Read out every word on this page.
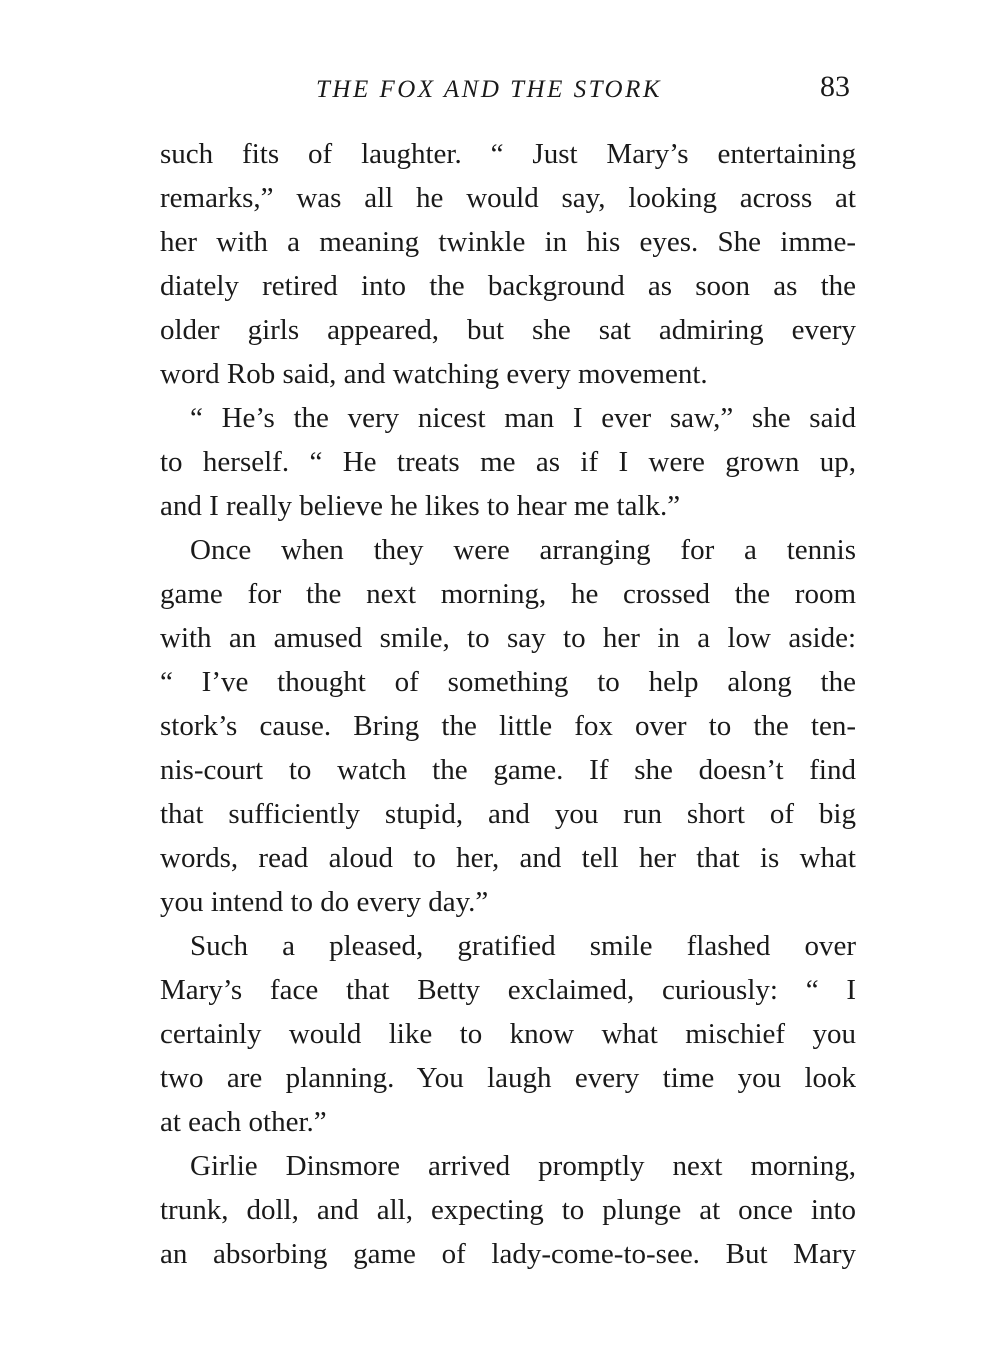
THE FOX AND THE STORK	83
such fits of laughter. “ Just Mary’s entertaining
remarks,” was all he would say, looking across at
her with a meaning twinkle in his eyes. She imme-
diately retired into the background as soon as the
older girls appeared, but she sat admiring every
word Rob said, and watching every movement.
“ He’s the very nicest man I ever saw,” she said
to herself. “ He treats me as if I were grown up,
and I really believe he likes to hear me talk.”
Once when they were arranging for a tennis
game for the next morning, he crossed the room
with an amused smile, to say to her in a low aside:
“ I’ve thought of something to help along the
stork’s cause. Bring the little fox over to the ten-
nis-court to watch the game. If she doesn’t find
that sufficiently stupid, and you run short of big
words, read aloud to her, and tell her that is what
you intend to do every day.”
Such a pleased, gratified smile flashed over
Mary’s face that Betty exclaimed, curiously: “ I
certainly would like to know what mischief you
two are planning. You laugh every time you look
at each other.”
Girlie Dinsmore arrived promptly next morning,
trunk, doll, and all, expecting to plunge at once into
an absorbing game of lady-come-to-see. But Mary
